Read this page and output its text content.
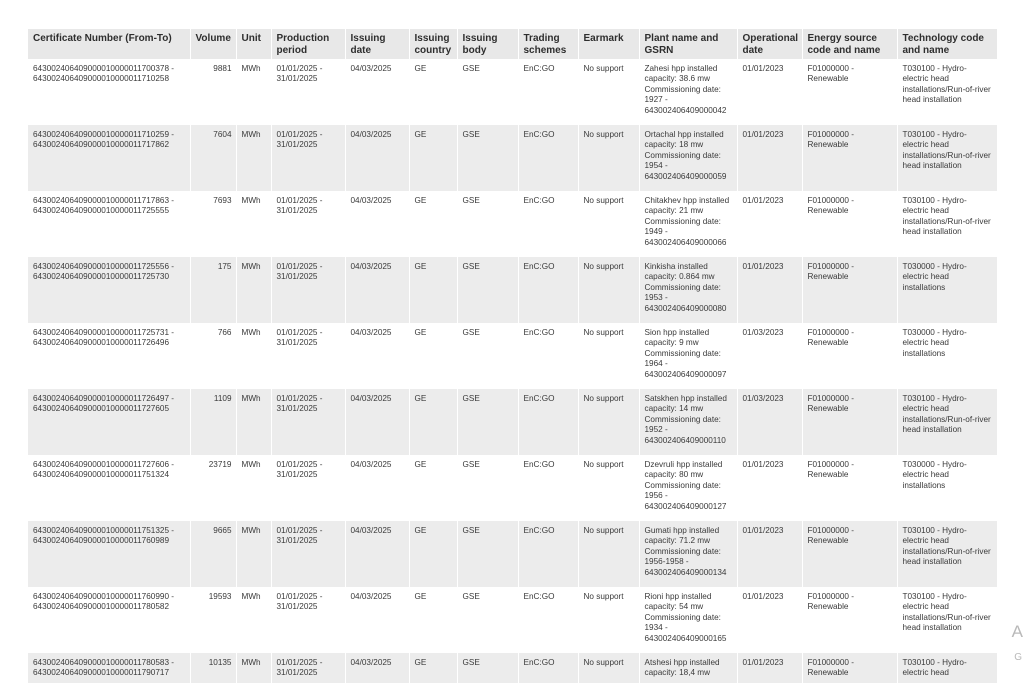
Certificate Number (From-To)	Volume	Unit	Production period	Issuing date	Issuing country	Issuing body	Trading schemes	Earmark	Plant name and GSRN	Operational date	Energy source code and name	Technology code and name
643002406409000010000011700378 - 643002406409000010000011710258	9881	MWh	01/01/2025 - 31/01/2025	04/03/2025	GE	GSE	EnC:GO	No support	Zahesi hpp installed capacity: 38.6 mw Commissioning date: 1927 - 643002406409000042	01/01/2023	F01000000 - Renewable	T030100 - Hydro-electric head installations/Run-of-river head installation
643002406409000010000011710259 - 643002406409000010000011717862	7604	MWh	01/01/2025 - 31/01/2025	04/03/2025	GE	GSE	EnC:GO	No support	Ortachal hpp installed capacity: 18 mw Commissioning date: 1954 - 643002406409000059	01/01/2023	F01000000 - Renewable	T030100 - Hydro-electric head installations/Run-of-river head installation
643002406409000010000011717863 - 643002406409000010000011725555	7693	MWh	01/01/2025 - 31/01/2025	04/03/2025	GE	GSE	EnC:GO	No support	Chitakhev hpp installed capacity: 21 mw Commissioning date: 1949 - 643002406409000066	01/01/2023	F01000000 - Renewable	T030100 - Hydro-electric head installations/Run-of-river head installation
643002406409000010000011725556 - 643002406409000010000011725730	175	MWh	01/01/2025 - 31/01/2025	04/03/2025	GE	GSE	EnC:GO	No support	Kinkisha installed capacity: 0.864 mw Commissioning date: 1953 - 643002406409000080	01/01/2023	F01000000 - Renewable	T030000 - Hydro-electric head installations
643002406409000010000011725731 - 643002406409000010000011726496	766	MWh	01/01/2025 - 31/01/2025	04/03/2025	GE	GSE	EnC:GO	No support	Sion hpp installed capacity: 9 mw Commissioning date: 1964 - 643002406409000097	01/03/2023	F01000000 - Renewable	T030000 - Hydro-electric head installations
643002406409000010000011726497 - 643002406409000010000011727605	1109	MWh	01/01/2025 - 31/01/2025	04/03/2025	GE	GSE	EnC:GO	No support	Satskhen hpp installed capacity: 14 mw Commissioning date: 1952 - 643002406409000110	01/03/2023	F01000000 - Renewable	T030100 - Hydro-electric head installations/Run-of-river head installation
643002406409000010000011727606 - 643002406409000010000011751324	23719	MWh	01/01/2025 - 31/01/2025	04/03/2025	GE	GSE	EnC:GO	No support	Dzevruli hpp installed capacity: 80 mw Commissioning date: 1956 - 643002406409000127	01/01/2023	F01000000 - Renewable	T030000 - Hydro-electric head installations
643002406409000010000011751325 - 643002406409000010000011760989	9665	MWh	01/01/2025 - 31/01/2025	04/03/2025	GE	GSE	EnC:GO	No support	Gumati hpp installed capacity: 71.2 mw Commissioning date: 1956-1958 - 643002406409000134	01/01/2023	F01000000 - Renewable	T030100 - Hydro-electric head installations/Run-of-river head installation
643002406409000010000011760990 - 643002406409000010000011780582	19593	MWh	01/01/2025 - 31/01/2025	04/03/2025	GE	GSE	EnC:GO	No support	Rioni hpp installed capacity: 54 mw Commissioning date: 1934 - 643002406409000165	01/01/2023	F01000000 - Renewable	T030100 - Hydro-electric head installations/Run-of-river head installation
643002406409000010000011780583 - 643002406409000010000011790717	10135	MWh	01/01/2025 - 31/01/2025	04/03/2025	GE	GSE	EnC:GO	No support	Atshesi hpp installed capacity: 18,4 mw	01/01/2023	F01000000 - Renewable	T030100 - Hydro-electric head
A
G
